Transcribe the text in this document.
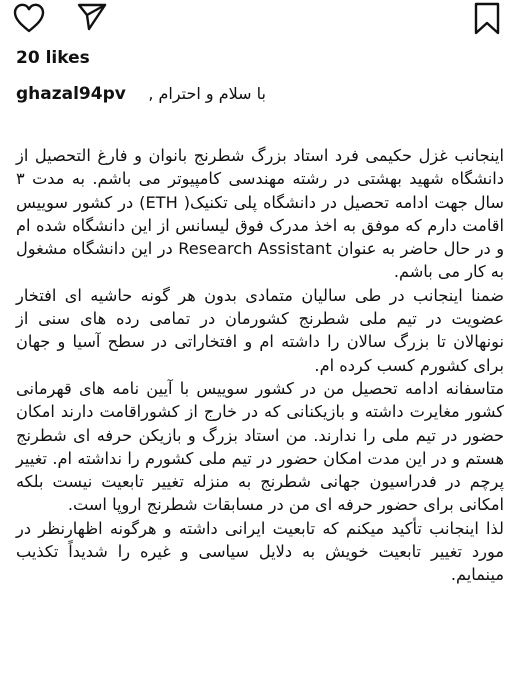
20 likes
ghazal94pv با سلام و احترام ,

اینجانب غزل حکیمی فرد استاد بزرگ شطرنج بانوان و فارغ التحصیل از دانشگاه شهید بهشتی در رشته مهندسی کامپیوتر می باشم. به مدت ۳ سال جهت ادامه تحصیل در دانشگاه پلی تکنیک( ETH) در کشور سوییس اقامت دارم که موفق به اخذ مدرک فوق لیسانس از این دانشگاه شده ام و در حال حاضر به عنوان Research Assistant در این دانشگاه مشغول به کار می باشم.

ضمنا اینجانب در طی سالیان متمادی بدون هر گونه حاشیه ای افتخار عضویت در تیم ملی شطرنج کشورمان در تمامی رده های سنی از نونهالان تا بزرگ سالان را داشته ام و افتخاراتی در سطح آسیا و جهان برای کشورم کسب کرده ام.

متاسفانه ادامه تحصیل من در کشور سوییس با آیین نامه های قهرمانی کشور مغایرت داشته و بازیکنانی که در خارج از کشوراقامت دارند امکان حضور در تیم ملی را ندارند. من استاد بزرگ و بازیکن حرفه ای شطرنج هستم و در این مدت امکان حضور در تیم ملی کشورم را نداشته ام. تغییر پرچم در فدراسیون جهانی شطرنج به منزله تغییر تابعیت نیست بلکه امکانی برای حضور حرفه ای من در مسابقات شطرنج اروپا است.

لذا اینجانب تأکید میکنم که تابعیت ایرانی داشته و هرگونه اظهارنظر در مورد تغییر تابعیت خویش به دلایل سیاسی و غیره را شدیداً تکذیب مینمایم.
